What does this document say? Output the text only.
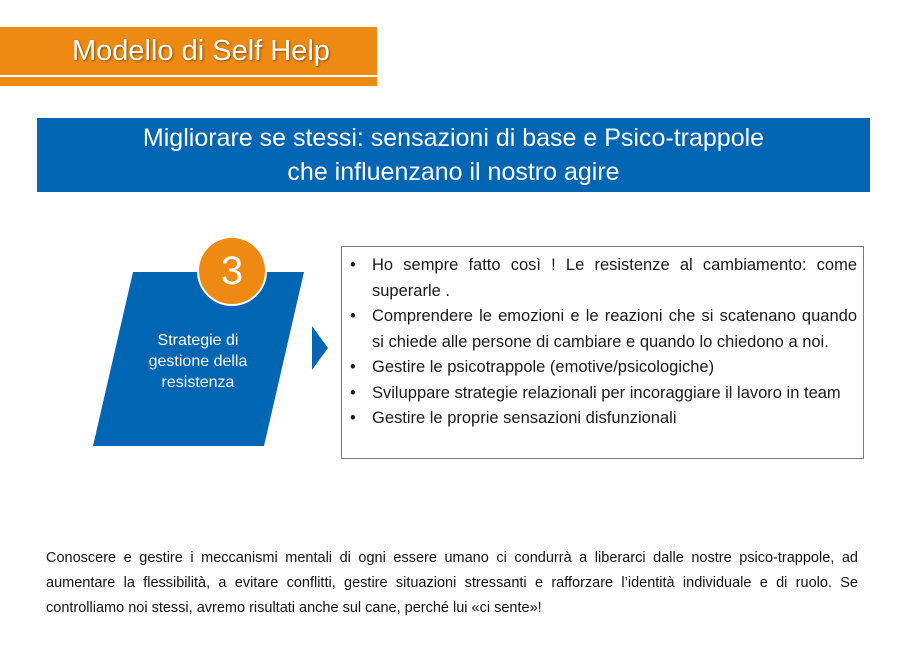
Modello di Self Help
Migliorare se stessi: sensazioni di base e Psico-trappole
che influenzano il nostro agire
Strategie di gestione della resistenza
3	• Ho sempre fatto così ! Le resistenze al cambiamento: come superarle .
• Comprendere le emozioni e le reazioni che si scatenano quando si chiede alle persone di cambiare e quando lo chiedono a noi.
• Gestire le psicotrappole (emotive/psicologiche)
• Sviluppare strategie relazionali per incoraggiare il lavoro in team
• Gestire le proprie sensazioni disfunzionali
Conoscere e gestire i meccanismi mentali di ogni essere umano ci condurrà a liberarci dalle nostre psico-trappole, ad aumentare la flessibilità, a evitare conflitti, gestire situazioni stressanti e rafforzare l’identità individuale e di ruolo. Se controlliamo noi stessi, avremo risultati anche sul cane, perché lui «ci sente»!
